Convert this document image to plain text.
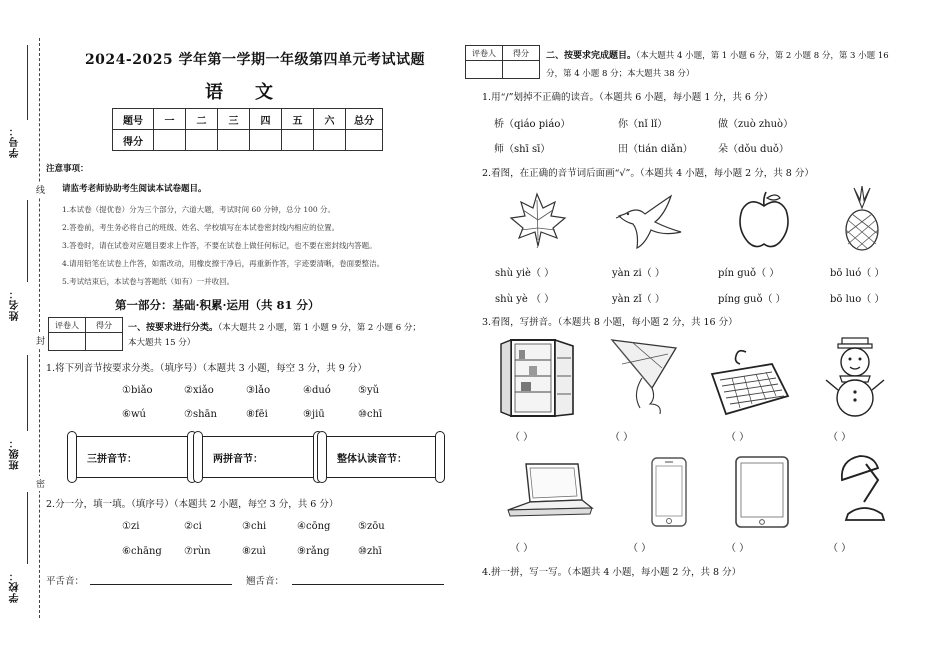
学号：
姓名：
班级：
学校：
线
封
密
2024-2025 学年第一学期一年级第四单元考试试题
语文
题号	一	二	三	四	五	六	总分
得分							
注意事项：
请监考老师协助考生阅读本试卷题目。
1.本试卷（提优卷）分为三个部分，六道大题，考试时间 60 分钟，总分 100 分。
2.答卷前，考生务必将自己的班级、姓名、学校填写在本试卷密封线内相应的位置。
3.答卷时，请在试卷对应题目要求上作答，不要在试卷上做任何标记，也不要在密封线内答题。
4.请用铅笔在试卷上作答，如需改动，用橡皮擦干净后，再重新作答，字迹要清晰，卷面要整洁。
5.考试结束后，本试卷与答题纸（如有）一并收回。
第一部分：基础·积累·运用（共 81 分）
评卷人	得分
	一、按要求进行分类。（本大题共 2 小题，第 1 小题 9 分，第 2 小题 6 分；
本大题共 15 分）
1.将下列音节按要求分类。（填序号）（本题共 3 小题，每空 3 分，共 9 分）
①biǎo	②xiǎo	③lǎo	④duó	⑤yǔ
⑥wú	⑦shān	⑧fēi	⑨jiū	⑩chī
三拼音节：	两拼音节：	整体认读音节：
2.分一分，填一填。（填序号）（本题共 2 小题，每空 3 分，共 6 分）
①zi	②ci	③chi	④cōng	⑤zōu
⑥chāng ⑦rùn	⑧zuì	⑨rǎng	⑩zhī
平舌音：	翘舌音：
评卷人	得分
	二、按要求完成题目。（本大题共 4 小题，第 1 小题 6 分，第 2 小题 8 分，第 3 小题 16
分，第 4 小题 8 分；本大题共 38 分）
1.用“/”划掉不正确的读音。（本题共 6 小题，每小题 1 分，共 6 分）
桥（qiáo piáo）	你（nǐ lǐ）	做（zuò zhuò）
师（shī sī）	田（tián diǎn）	朵（dǒu duǒ）
2.看图，在正确的音节词后面画“√”。（本题共 4 小题，每小题 2 分，共 8 分）
shù yiè（ ）	yàn zi（ ）	pín guǒ（ ）	bō luó（ ）
shù yè （ ）	yàn zǐ（ ）	píng guǒ（ ）	bō luo（ ）
3.看图，写拼音。（本题共 8 小题，每小题 2 分，共 16 分）
（ ）	（ ）	（ ）	（ ）
（ ）	（ ）	（ ）	（ ）
4.拼一拼，写一写。（本题共 4 小题，每小题 2 分，共 8 分）
